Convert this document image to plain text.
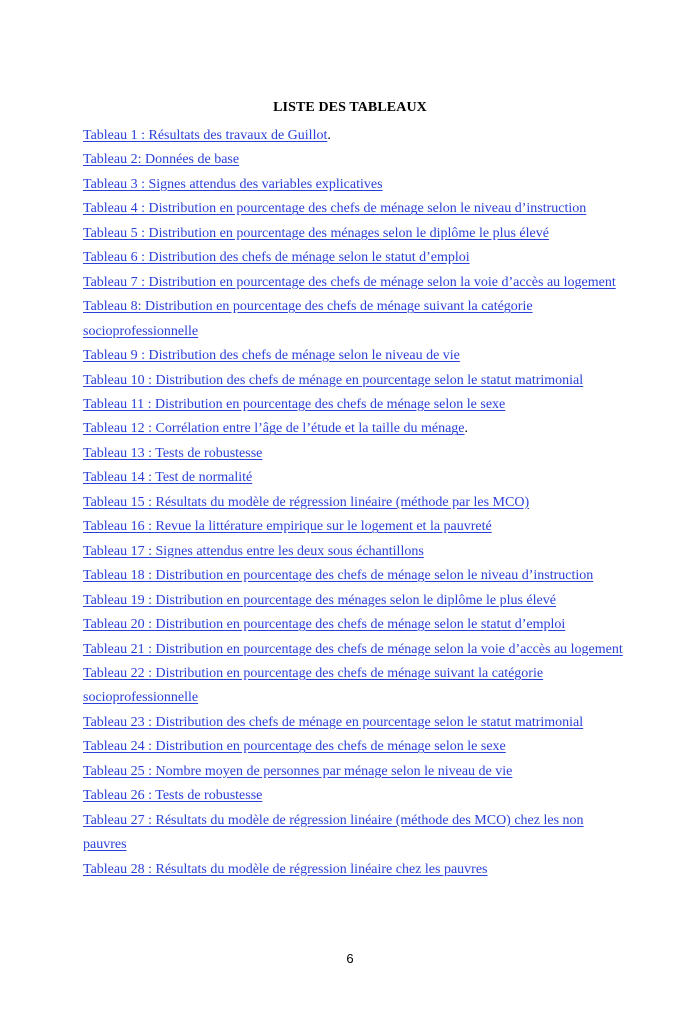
LISTE DES TABLEAUX
Tableau 1 : Résultats des travaux de Guillot.
Tableau 2: Données de base
Tableau 3 : Signes attendus des variables explicatives
Tableau 4 : Distribution en pourcentage des chefs de ménage selon le niveau d’instruction
Tableau 5 : Distribution en pourcentage des ménages selon le diplôme le plus élevé
Tableau 6 : Distribution des chefs de ménage selon le statut d’emploi
Tableau 7 : Distribution en pourcentage des chefs de ménage selon la voie d’accès au logement
Tableau 8: Distribution en pourcentage des chefs de ménage suivant la catégorie socioprofessionnelle
Tableau 9 : Distribution des chefs de ménage selon le niveau de vie
Tableau 10 : Distribution des chefs de ménage en pourcentage selon le statut matrimonial
Tableau 11 : Distribution en pourcentage des chefs de ménage selon le sexe
Tableau 12 : Corrélation entre l’âge de l’étude et la taille du ménage.
Tableau 13 : Tests de robustesse
Tableau 14 : Test de normalité
Tableau 15 : Résultats du modèle de régression linéaire (méthode par les MCO)
Tableau 16 : Revue la littérature empirique sur le logement et la pauvreté
Tableau 17 : Signes attendus entre les deux sous échantillons
Tableau 18 : Distribution en pourcentage des chefs de ménage selon le niveau d’instruction
Tableau 19 : Distribution en pourcentage des ménages selon le diplôme le plus élevé
Tableau 20 : Distribution en pourcentage des chefs de ménage selon le statut d’emploi
Tableau 21 : Distribution en pourcentage des chefs de ménage selon la voie d’accès au logement
Tableau 22 : Distribution en pourcentage des chefs de ménage suivant la catégorie socioprofessionnelle
Tableau 23 : Distribution des chefs de ménage en pourcentage selon le statut matrimonial
Tableau 24 : Distribution en pourcentage des chefs de ménage selon le sexe
Tableau 25 : Nombre moyen de personnes par ménage selon le niveau de vie
Tableau 26 : Tests de robustesse
Tableau 27 : Résultats du modèle de régression linéaire (méthode des MCO) chez les non pauvres
Tableau 28 : Résultats du modèle de régression linéaire chez les pauvres
6
